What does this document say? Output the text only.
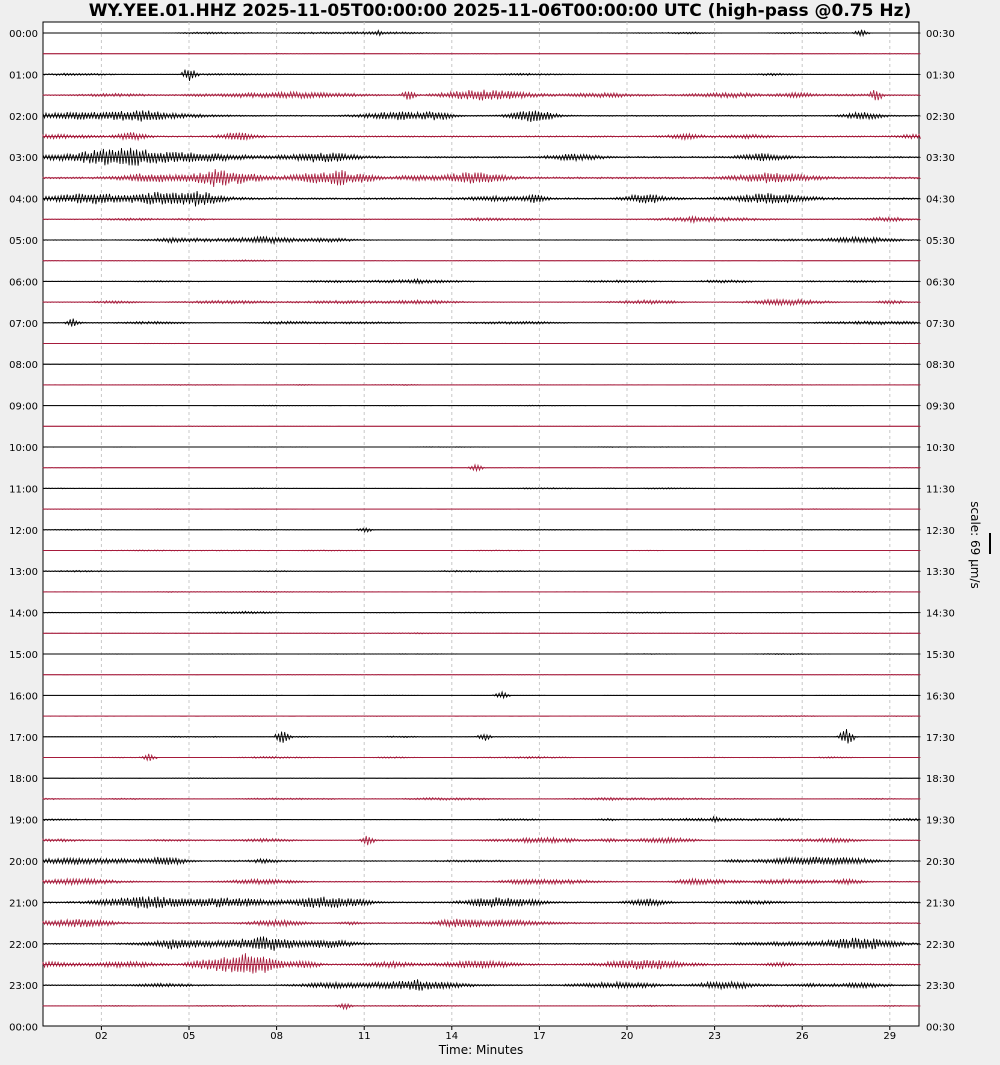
WY.YEE.01.HHZ 2025-11-05T00:00:00 2025-11-06T00:00:00 UTC (high-pass @0.75 Hz)
02	05	08	11	14	17	20	23	26	29
00:00	00:30
01:00	01:30
02:00	02:30
03:00	03:30
04:00	04:30
05:00	05:30
06:00	06:30
07:00	07:30
08:00	08:30
09:00	09:30
10:00	10:30
11:00	11:30
12:00	12:30
13:00	13:30
14:00	14:30
15:00	15:30
16:00	16:30
17:00	17:30
18:00	18:30
19:00	19:30
20:00	20:30
21:00	21:30
22:00	22:30
23:00	23:30
00:00	00:30
Time: Minutes
scale: 69 µm/s
